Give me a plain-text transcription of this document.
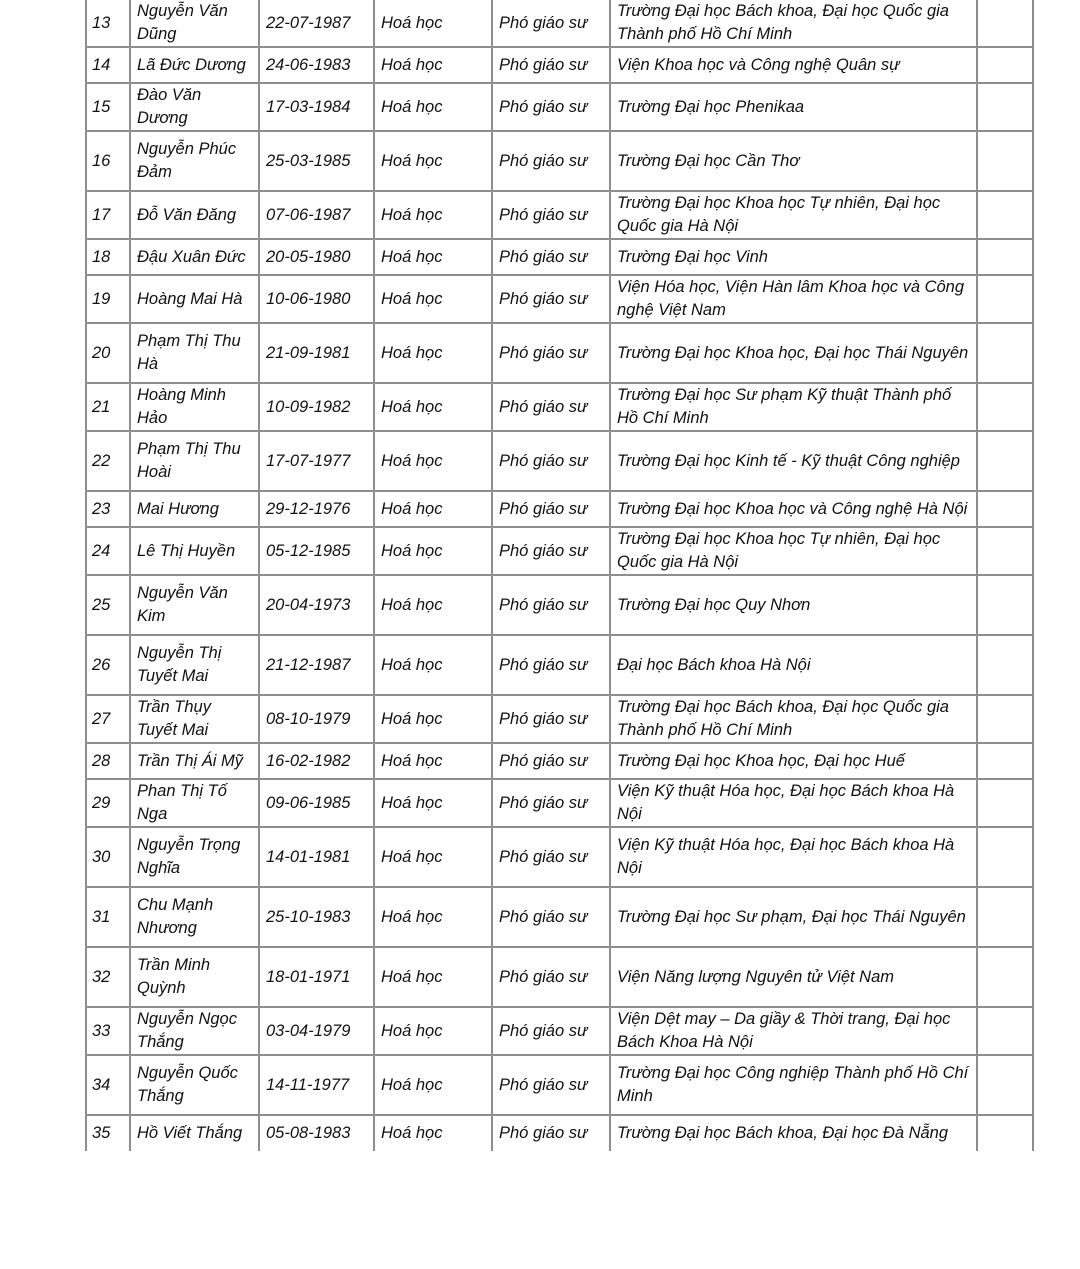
13	Nguyễn Văn Dũng	22-07-1987	Hoá học	Phó giáo sư	Trường Đại học Bách khoa, Đại học Quốc gia Thành phố Hồ Chí Minh	
14	Lã Đức Dương	24-06-1983	Hoá học	Phó giáo sư	Viện Khoa học và Công nghệ Quân sự	
15	Đào Văn Dương	17-03-1984	Hoá học	Phó giáo sư	Trường Đại học Phenikaa	
16	Nguyễn Phúc Đảm	25-03-1985	Hoá học	Phó giáo sư	Trường Đại học Cần Thơ	
17	Đỗ Văn Đăng	07-06-1987	Hoá học	Phó giáo sư	Trường Đại học Khoa học Tự nhiên, Đại học Quốc gia Hà Nội	
18	Đậu Xuân Đức	20-05-1980	Hoá học	Phó giáo sư	Trường Đại học Vinh	
19	Hoàng Mai Hà	10-06-1980	Hoá học	Phó giáo sư	Viện Hóa học, Viện Hàn lâm Khoa học và Công nghệ Việt Nam	
20	Phạm Thị Thu Hà	21-09-1981	Hoá học	Phó giáo sư	Trường Đại học Khoa học, Đại học Thái Nguyên	
21	Hoàng Minh Hảo	10-09-1982	Hoá học	Phó giáo sư	Trường Đại học Sư phạm Kỹ thuật Thành phố Hồ Chí Minh	
22	Phạm Thị Thu Hoài	17-07-1977	Hoá học	Phó giáo sư	Trường Đại học Kinh tế - Kỹ thuật Công nghiệp	
23	Mai Hương	29-12-1976	Hoá học	Phó giáo sư	Trường Đại học Khoa học và Công nghệ Hà Nội	
24	Lê Thị Huyền	05-12-1985	Hoá học	Phó giáo sư	Trường Đại học Khoa học Tự nhiên, Đại học Quốc gia Hà Nội	
25	Nguyễn Văn Kim	20-04-1973	Hoá học	Phó giáo sư	Trường Đại học Quy Nhơn	
26	Nguyễn Thị Tuyết Mai	21-12-1987	Hoá học	Phó giáo sư	Đại học Bách khoa Hà Nội	
27	Trần Thụy Tuyết Mai	08-10-1979	Hoá học	Phó giáo sư	Trường Đại học Bách khoa, Đại học Quốc gia Thành phố Hồ Chí Minh	
28	Trần Thị Ái Mỹ	16-02-1982	Hoá học	Phó giáo sư	Trường Đại học Khoa học, Đại học Huế	
29	Phan Thị Tố Nga	09-06-1985	Hoá học	Phó giáo sư	Viện Kỹ thuật Hóa học, Đại học Bách khoa Hà Nội	
30	Nguyễn Trọng Nghĩa	14-01-1981	Hoá học	Phó giáo sư	Viện Kỹ thuật Hóa học, Đại học Bách khoa Hà Nội	
31	Chu Mạnh Nhương	25-10-1983	Hoá học	Phó giáo sư	Trường Đại học Sư phạm, Đại học Thái Nguyên	
32	Trần Minh Quỳnh	18-01-1971	Hoá học	Phó giáo sư	Viện Năng lượng Nguyên tử Việt Nam	
33	Nguyễn Ngọc Thắng	03-04-1979	Hoá học	Phó giáo sư	Viện Dệt may – Da giầy & Thời trang, Đại học Bách Khoa Hà Nội	
34	Nguyễn Quốc Thắng	14-11-1977	Hoá học	Phó giáo sư	Trường Đại học Công nghiệp Thành phố Hồ Chí Minh	
35	Hồ Viết Thắng	05-08-1983	Hoá học	Phó giáo sư	Trường Đại học Bách khoa, Đại học Đà Nẵng	
